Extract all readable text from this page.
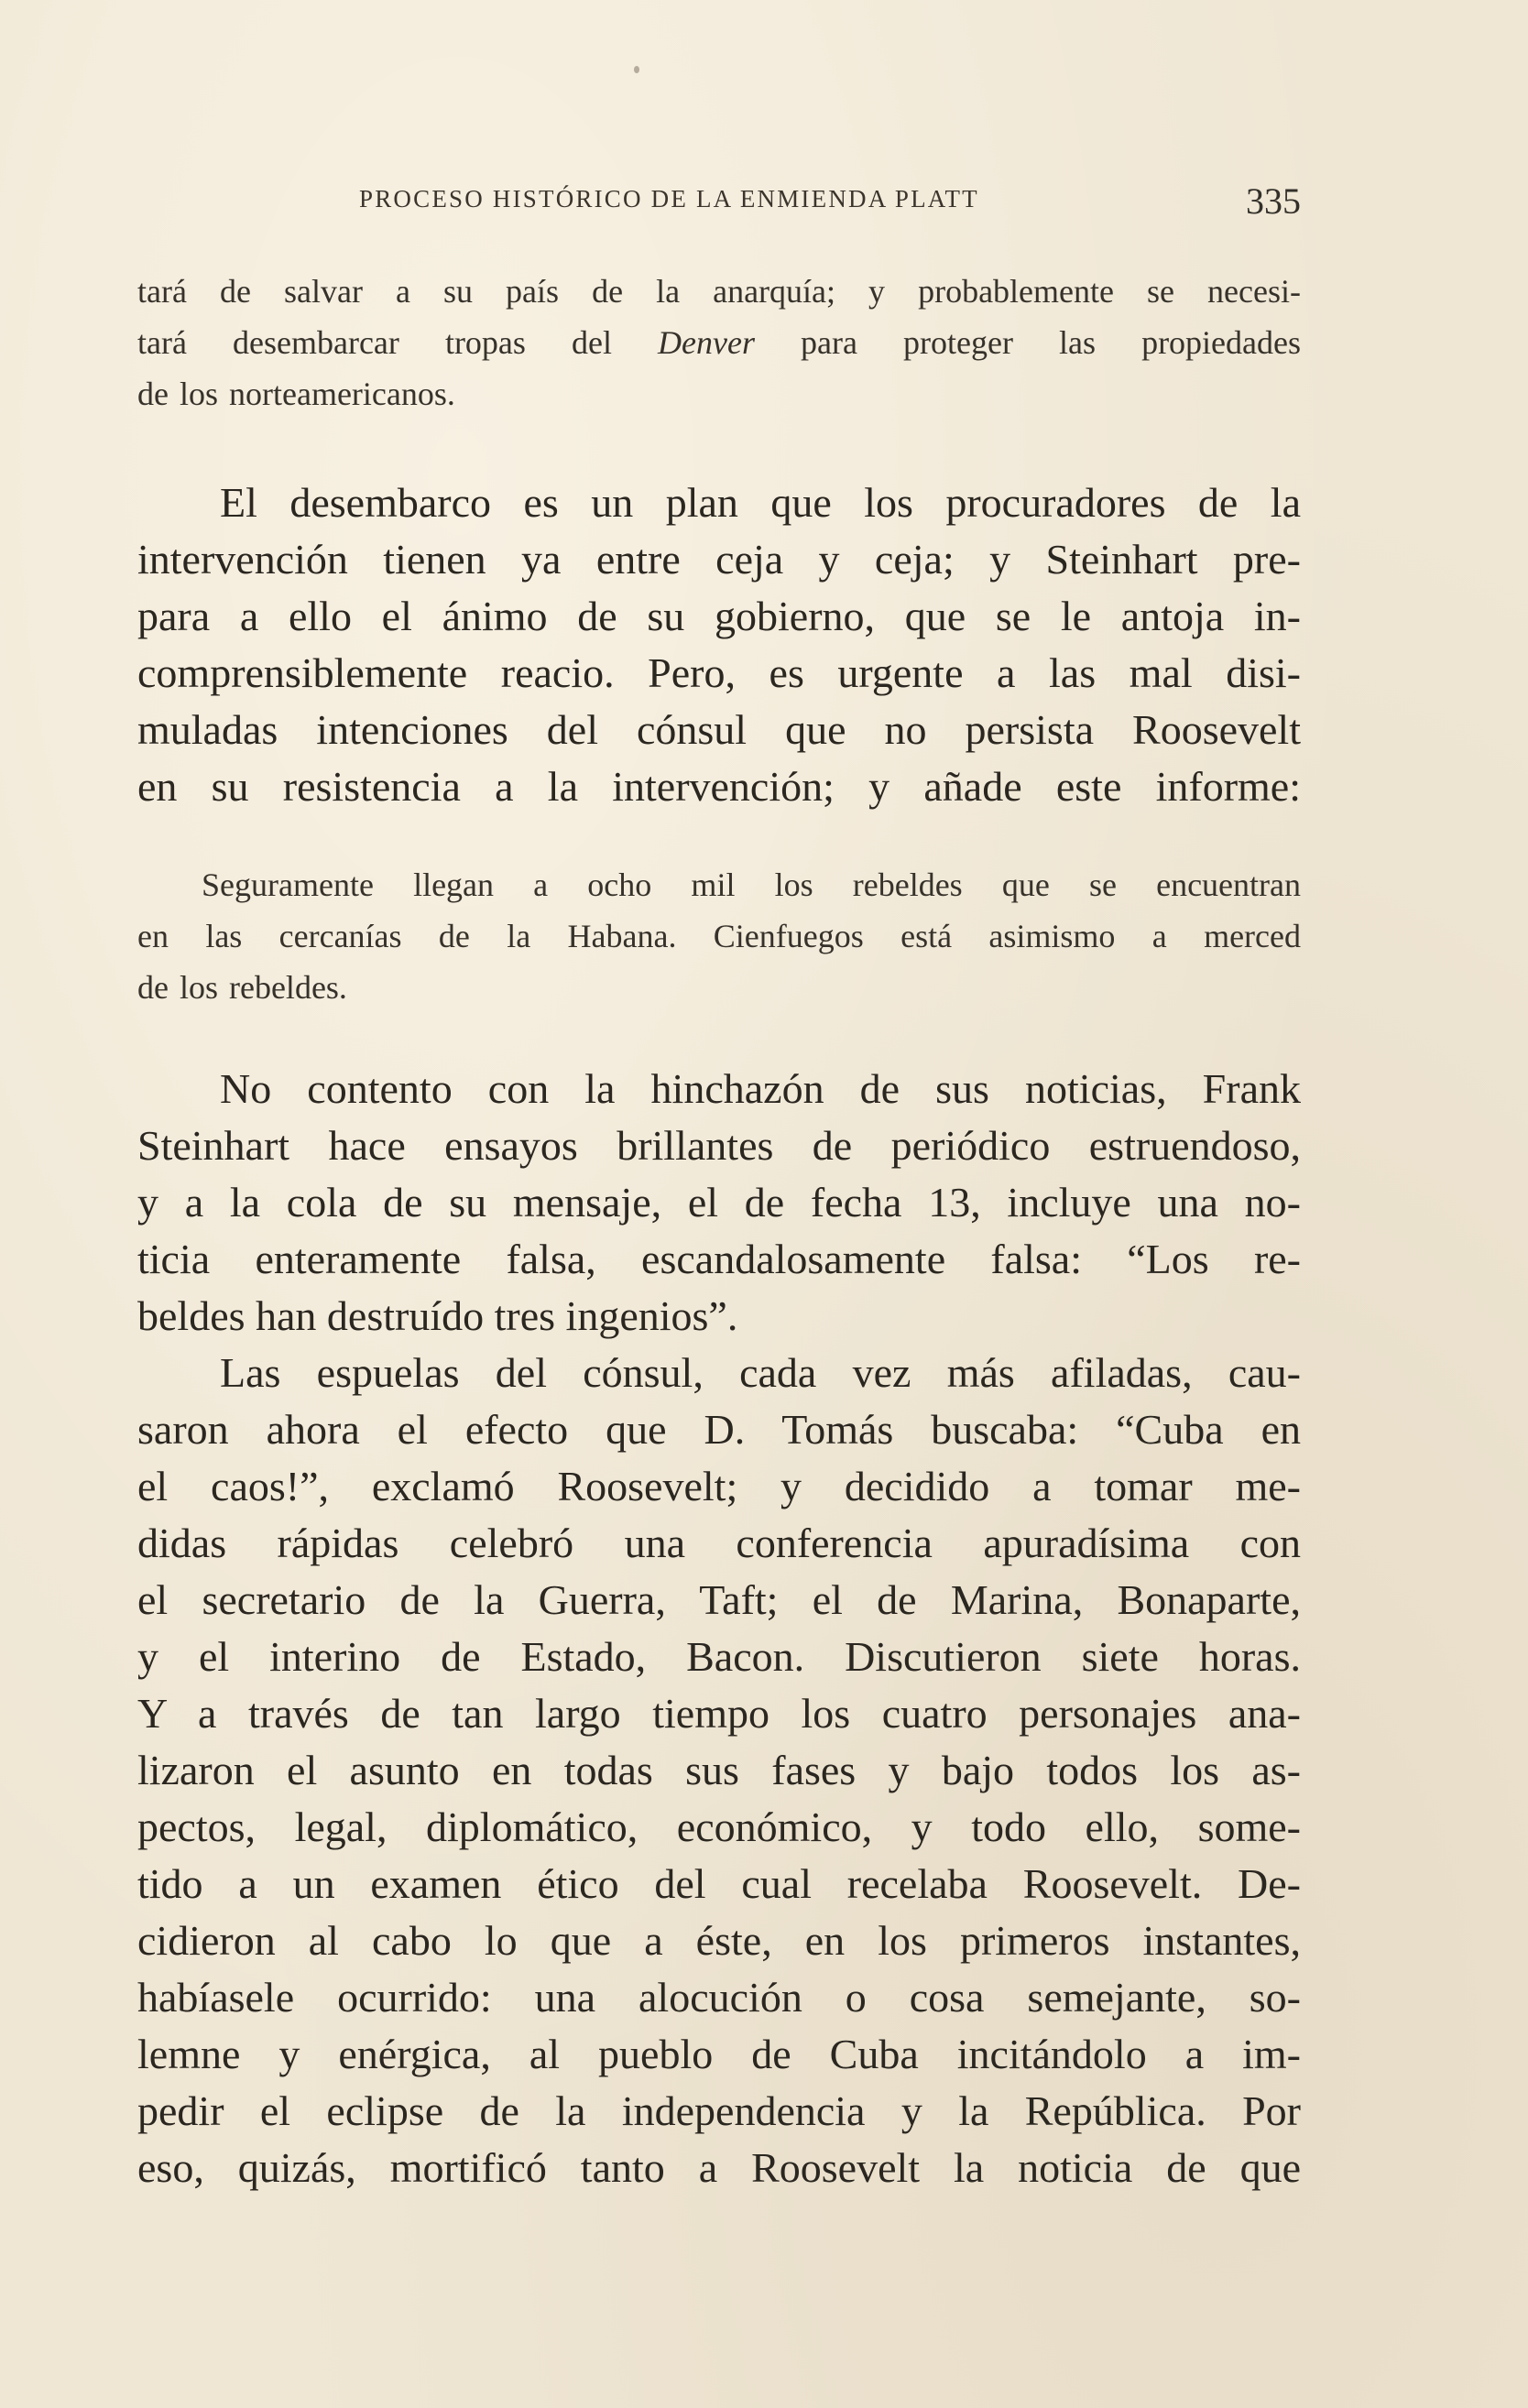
PROCESO HISTÓRICO DE LA ENMIENDA PLATT	335

tará de salvar a su país de la anarquía; y probablemente se necesi-

tará desembarcar tropas del Denver para proteger las propiedades

de los norteamericanos.

El desembarco es un plan que los procuradores de la

intervención tienen ya entre ceja y ceja; y Steinhart pre-

para a ello el ánimo de su gobierno, que se le antoja in-

comprensiblemente reacio. Pero, es urgente a las mal disi-

muladas intenciones del cónsul que no persista Roosevelt

en su resistencia a la intervención; y añade este informe:

Seguramente llegan a ocho mil los rebeldes que se encuentran

en las cercanías de la Habana. Cienfuegos está asimismo a merced

de los rebeldes.

No contento con la hinchazón de sus noticias, Frank

Steinhart hace ensayos brillantes de periódico estruendoso,

y a la cola de su mensaje, el de fecha 13, incluye una no-

ticia enteramente falsa, escandalosamente falsa: “Los re-

beldes han destruído tres ingenios”.

Las espuelas del cónsul, cada vez más afiladas, cau-

saron ahora el efecto que D. Tomás buscaba: “Cuba en

el caos!”, exclamó Roosevelt; y decidido a tomar me-

didas rápidas celebró una conferencia apuradísima con

el secretario de la Guerra, Taft; el de Marina, Bonaparte,

y el interino de Estado, Bacon. Discutieron siete horas.

Y a través de tan largo tiempo los cuatro personajes ana-

lizaron el asunto en todas sus fases y bajo todos los as-

pectos, legal, diplomático, económico, y todo ello, some-

tido a un examen ético del cual recelaba Roosevelt. De-

cidieron al cabo lo que a éste, en los primeros instantes,

habíasele ocurrido: una alocución o cosa semejante, so-

lemne y enérgica, al pueblo de Cuba incitándolo a im-

pedir el eclipse de la independencia y la República. Por

eso, quizás, mortificó tanto a Roosevelt la noticia de que
